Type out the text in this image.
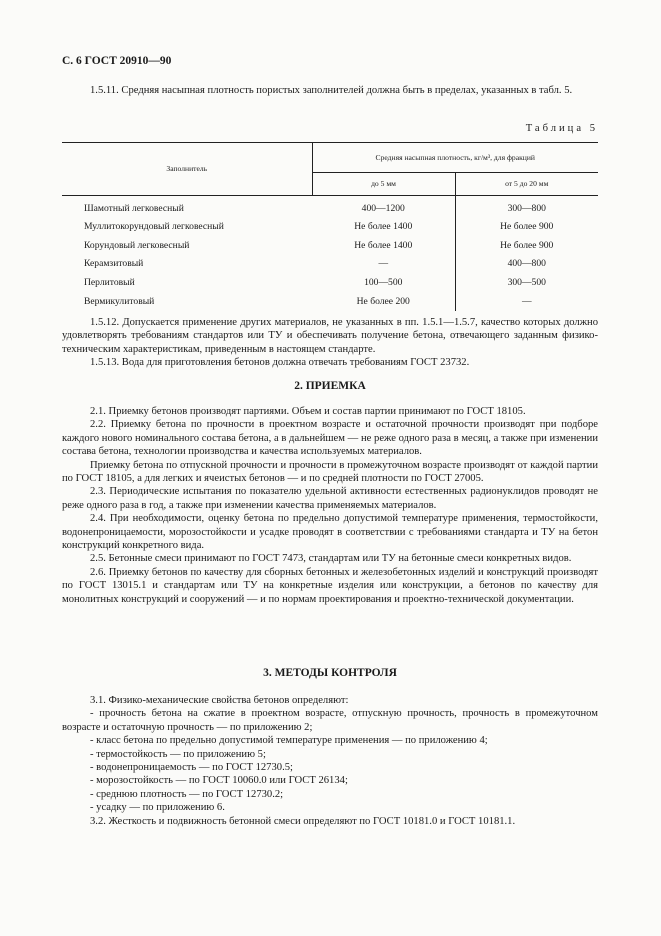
С. 6 ГОСТ 20910—90

1.5.11. Средняя насыпная плотность пористых заполнителей должна быть в пределах, указанных в табл. 5.

Таблица 5
Заполнитель	Средняя насыпная плотность, кг/м³, для фракций	
	до 5 мм	от 5 до 20 мм
Шамотный легковесный	400—1200	300—800
Муллитокорундовый легковесный	Не более 1400	Не более 900
Корундовый легковесный	Не более 1400	Не более 900
Керамзитовый	—	400—800
Перлитовый	100—500	300—500
Вермикулитовый	Не более 200	—

1.5.12. Допускается применение других материалов, не указанных в пп. 1.5.1—1.5.7, качество которых должно удовлетворять требованиям стандартов или ТУ и обеспечивать получение бетона, отвечающего заданным физико-техническим характеристикам, приведенным в настоящем стандарте.

1.5.13. Вода для приготовления бетонов должна отвечать требованиям ГОСТ 23732.

2. ПРИЕМКА

2.1. Приемку бетонов производят партиями. Объем и состав партии принимают по ГОСТ 18105.

2.2. Приемку бетона по прочности в проектном возрасте и остаточной прочности производят при подборе каждого нового номинального состава бетона, а в дальнейшем — не реже одного раза в месяц, а также при изменении состава бетона, технологии производства и качества используемых материалов.

Приемку бетона по отпускной прочности и прочности в промежуточном возрасте производят от каждой партии по ГОСТ 18105, а для легких и ячеистых бетонов — и по средней плотности по ГОСТ 27005.

2.3. Периодические испытания по показателю удельной активности естественных радионуклидов проводят не реже одного раза в год, а также при изменении качества применяемых материалов.

2.4. При необходимости, оценку бетона по предельно допустимой температуре применения, термостойкости, водонепроницаемости, морозостойкости и усадке проводят в соответствии с требованиями стандарта и ТУ на бетон конструкций конкретного вида.

2.5. Бетонные смеси принимают по ГОСТ 7473, стандартам или ТУ на бетонные смеси конкретных видов.

2.6. Приемку бетонов по качеству для сборных бетонных и железобетонных изделий и конструкций производят по ГОСТ 13015.1 и стандартам или ТУ на конкретные изделия или конструкции, а бетонов по качеству для монолитных конструкций и сооружений — и по нормам проектирования и проектно-технической документации.

3. МЕТОДЫ КОНТРОЛЯ

3.1. Физико-механические свойства бетонов определяют:

- прочность бетона на сжатие в проектном возрасте, отпускную прочность, прочность в промежуточном возрасте и остаточную прочность — по приложению 2;

- класс бетона по предельно допустимой температуре применения — по приложению 4;

- термостойкость — по приложению 5;

- водонепроницаемость — по ГОСТ 12730.5;

- морозостойкость — по ГОСТ 10060.0 или ГОСТ 26134;

- среднюю плотность — по ГОСТ 12730.2;

- усадку — по приложению 6.

3.2. Жесткость и подвижность бетонной смеси определяют по ГОСТ 10181.0 и ГОСТ 10181.1.
